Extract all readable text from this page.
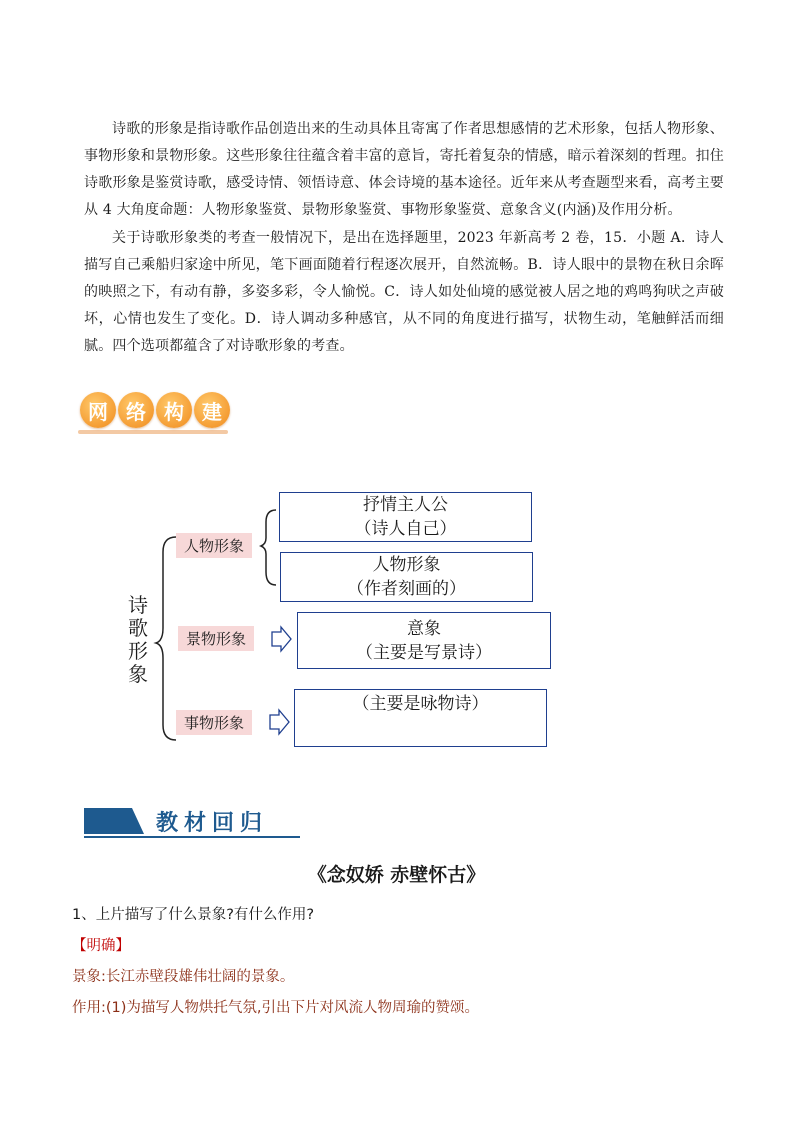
诗歌的形象是指诗歌作品创造出来的生动具体且寄寓了作者思想感情的艺术形象，包括人物形象、事物形象和景物形象。这些形象往往蕴含着丰富的意旨，寄托着复杂的情感，暗示着深刻的哲理。扣住诗歌形象是鉴赏诗歌，感受诗情、领悟诗意、体会诗境的基本途径。近年来从考查题型来看，高考主要从 4 大角度命题：人物形象鉴赏、景物形象鉴赏、事物形象鉴赏、意象含义(内涵)及作用分析。

关于诗歌形象类的考查一般情况下，是出在选择题里，2023 年新高考 2 卷，15．小题 A．诗人描写自己乘船归家途中所见，笔下画面随着行程逐次展开，自然流畅。B．诗人眼中的景物在秋日余晖的映照之下，有动有静，多姿多彩，令人愉悦。C．诗人如处仙境的感觉被人居之地的鸡鸣狗吠之声破坏，心情也发生了变化。D．诗人调动多种感官，从不同的角度进行描写，状物生动，笔触鲜活而细腻。四个选项都蕴含了对诗歌形象的考查。

网 络 构 建
诗歌形象
人物形象
景物形象
事物形象
抒情主人公
（诗人自己）
人物形象
（作者刻画的）
意象
（主要是写景诗）
（主要是咏物诗）
教材回归
《念奴娇 赤壁怀古》
1、上片描写了什么景象?有什么作用?
【明确】
景象:长江赤壁段雄伟壮阔的景象。
作用:(1)为描写人物烘托气氛,引出下片对风流人物周瑜的赞颂。
